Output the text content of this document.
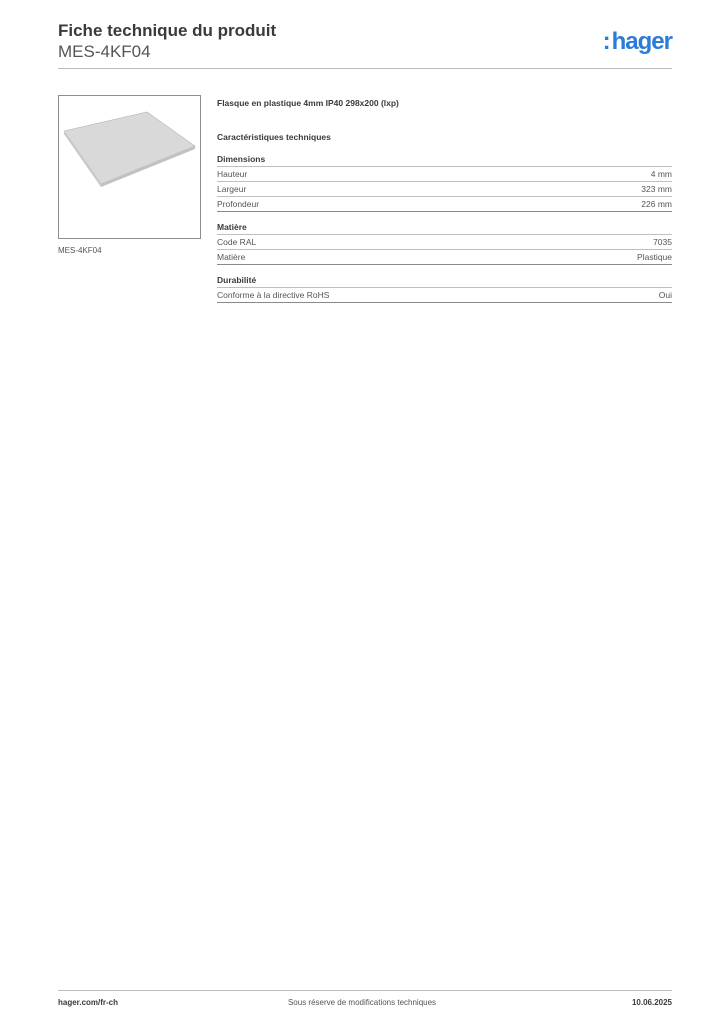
Fiche technique du produit
MES-4KF04	:hager
MES-4KF04
Flasque en plastique 4mm IP40 298x200 (lxp)
Caractéristiques techniques
Dimensions
Hauteur	4 mm
Largeur	323 mm
Profondeur	226 mm
Matière
Code RAL	7035
Matière	Plastique
Durabilité
Conforme à la directive RoHS	Oui
hager.com/fr-ch	Sous réserve de modifications techniques	10.06.2025
